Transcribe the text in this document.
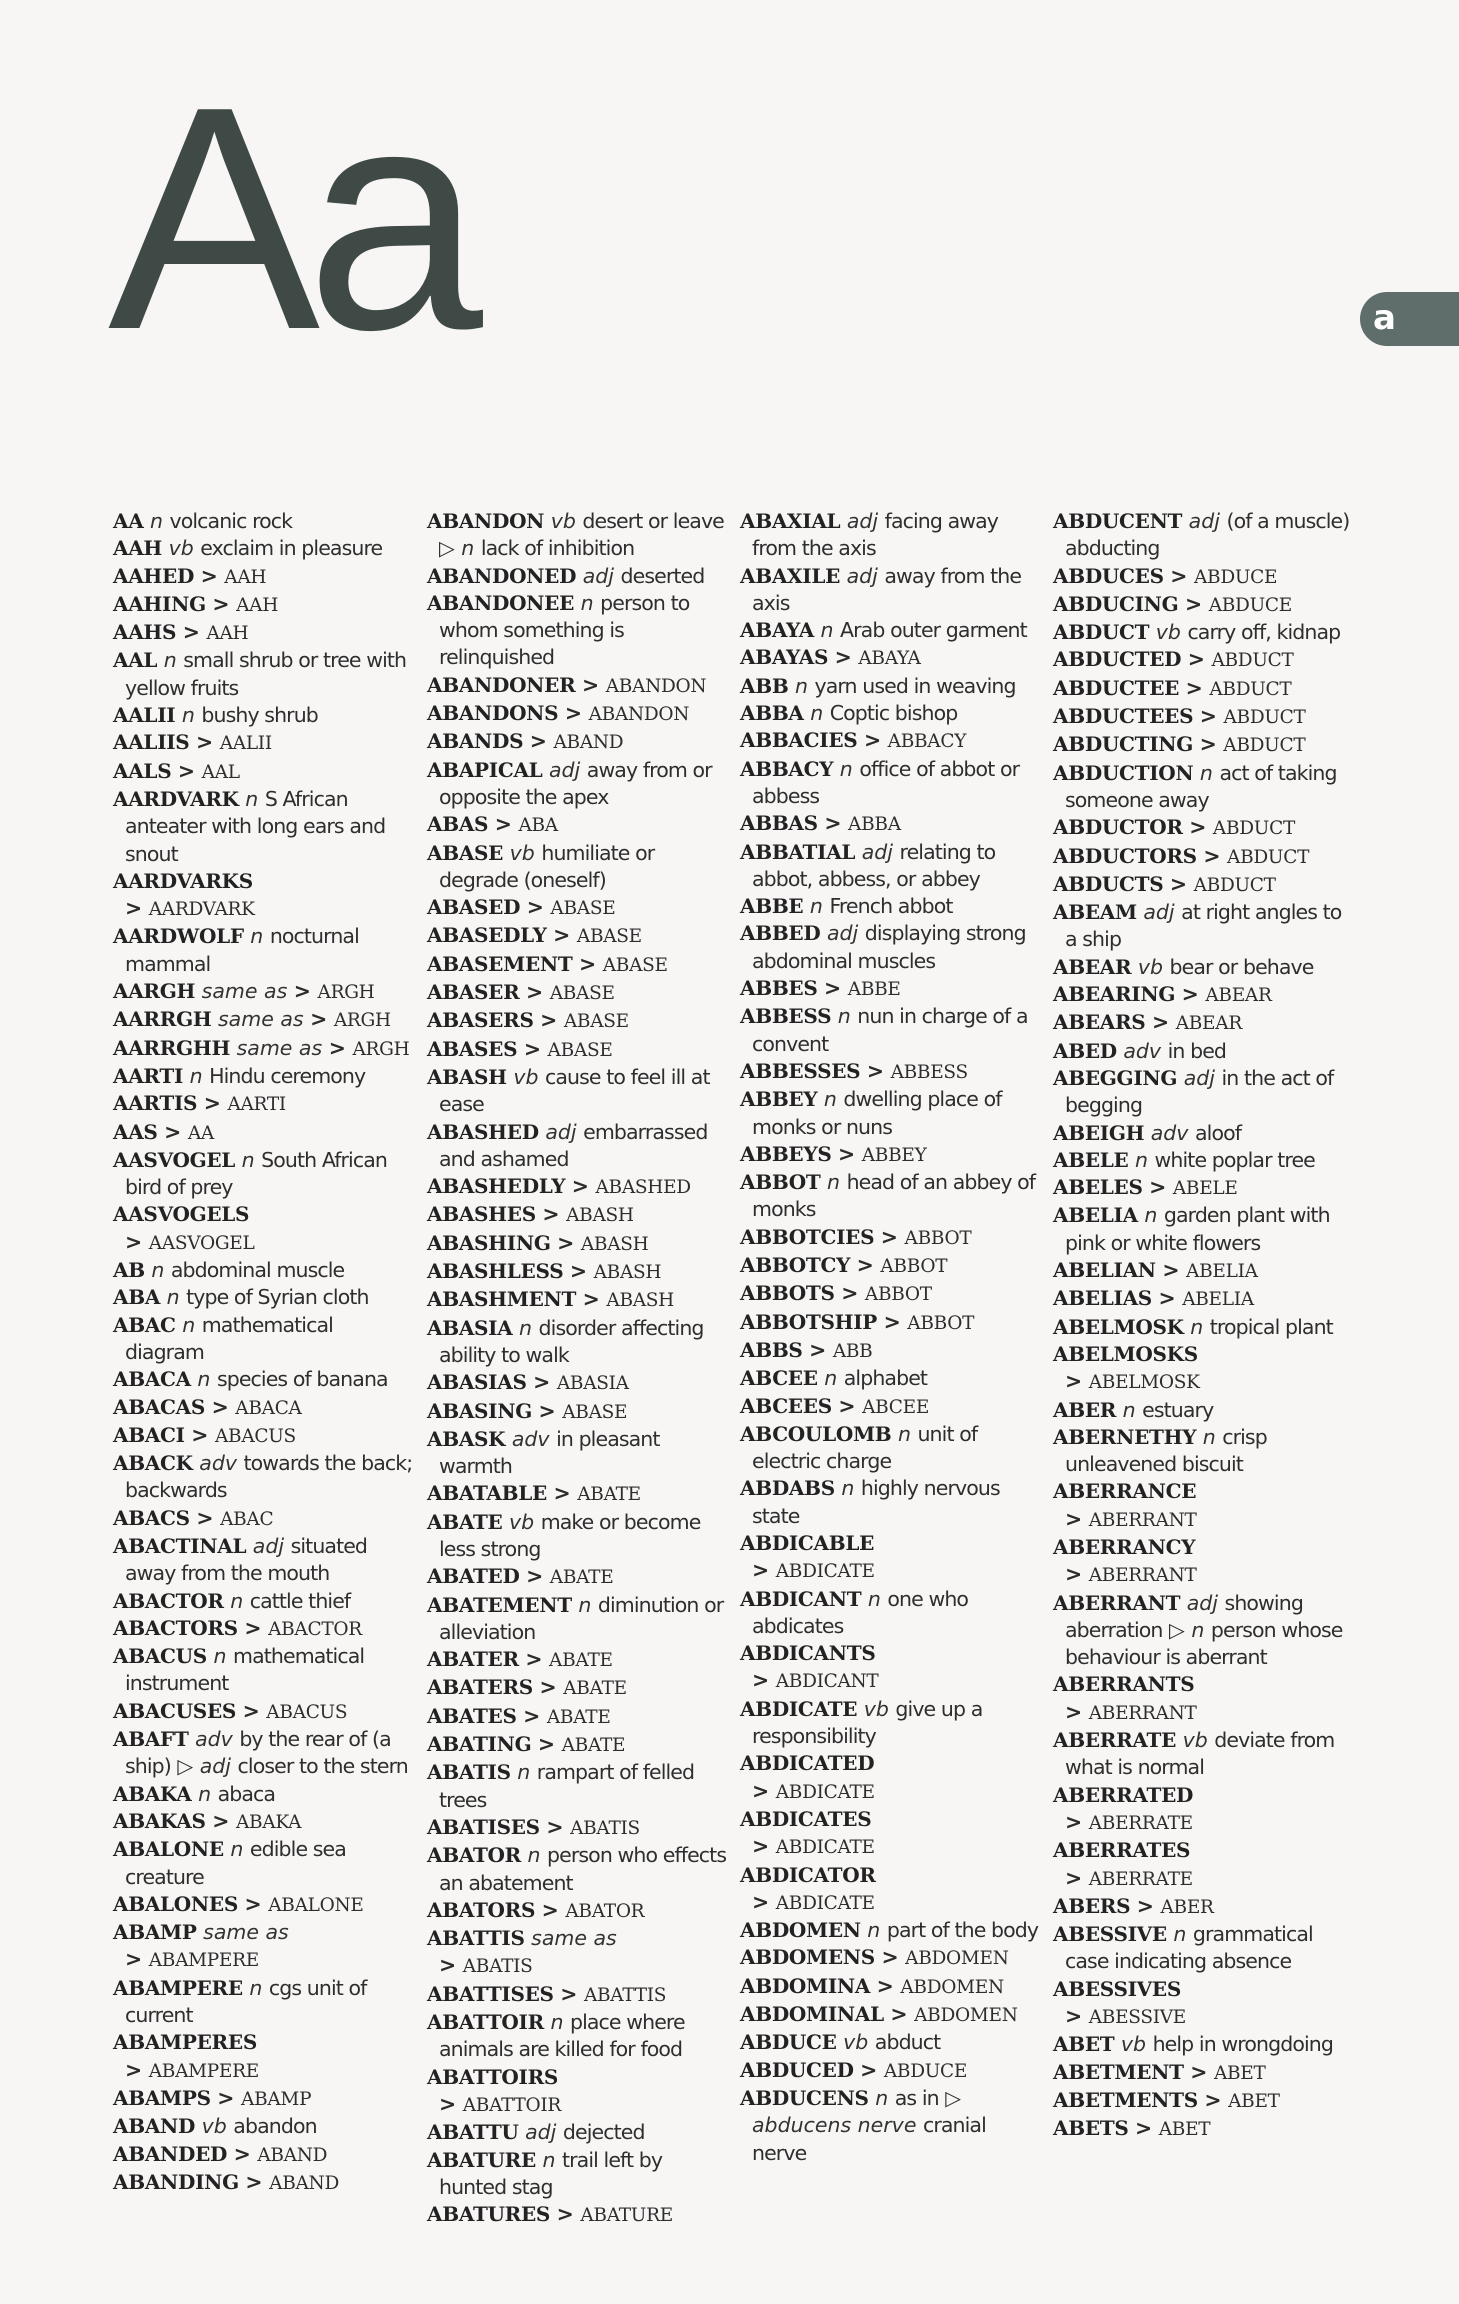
Aa	a

AA n volcanic rock

AAH vb exclaim in pleasure

AAHED > AAH

AAHING > AAH

AAHS > AAH

AAL n small shrub or tree with yellow fruits

AALII n bushy shrub

AALIIS > AALII

AALS > AAL

AARDVARK n S African anteater with long ears and snout

AARDVARKS
> AARDVARK

AARDWOLF n nocturnal mammal

AARGH same as > ARGH

AARRGH same as > ARGH

AARRGHH same as > ARGH

AARTI n Hindu ceremony

AARTIS > AARTI

AAS > AA

AASVOGEL n South African bird of prey

AASVOGELS
> AASVOGEL

AB n abdominal muscle

ABA n type of Syrian cloth

ABAC n mathematical diagram

ABACA n species of banana

ABACAS > ABACA

ABACI > ABACUS

ABACK adv towards the back; backwards

ABACS > ABAC

ABACTINAL adj situated away from the mouth

ABACTOR n cattle thief

ABACTORS > ABACTOR

ABACUS n mathematical instrument

ABACUSES > ABACUS

ABAFT adv by the rear of (a ship) ▷ adj closer to the stern

ABAKA n abaca

ABAKAS > ABAKA

ABALONE n edible sea creature

ABALONES > ABALONE

ABAMP same as
> ABAMPERE

ABAMPERE n cgs unit of current

ABAMPERES
> ABAMPERE

ABAMPS > ABAMP

ABAND vb abandon

ABANDED > ABAND

ABANDING > ABAND

ABANDON vb desert or leave ▷ n lack of inhibition

ABANDONED adj deserted

ABANDONEE n person to whom something is relinquished

ABANDONER > ABANDON

ABANDONS > ABANDON

ABANDS > ABAND

ABAPICAL adj away from or opposite the apex

ABAS > ABA

ABASE vb humiliate or degrade (oneself)

ABASED > ABASE

ABASEDLY > ABASE

ABASEMENT > ABASE

ABASER > ABASE

ABASERS > ABASE

ABASES > ABASE

ABASH vb cause to feel ill at ease

ABASHED adj embarrassed and ashamed

ABASHEDLY > ABASHED

ABASHES > ABASH

ABASHING > ABASH

ABASHLESS > ABASH

ABASHMENT > ABASH

ABASIA n disorder affecting ability to walk

ABASIAS > ABASIA

ABASING > ABASE

ABASK adv in pleasant warmth

ABATABLE > ABATE

ABATE vb make or become less strong

ABATED > ABATE

ABATEMENT n diminution or alleviation

ABATER > ABATE

ABATERS > ABATE

ABATES > ABATE

ABATING > ABATE

ABATIS n rampart of felled trees

ABATISES > ABATIS

ABATOR n person who effects an abatement

ABATORS > ABATOR

ABATTIS same as
> ABATIS

ABATTISES > ABATTIS

ABATTOIR n place where animals are killed for food

ABATTOIRS
> ABATTOIR

ABATTU adj dejected

ABATURE n trail left by hunted stag

ABATURES > ABATURE

ABAXIAL adj facing away from the axis

ABAXILE adj away from the axis

ABAYA n Arab outer garment

ABAYAS > ABAYA

ABB n yarn used in weaving

ABBA n Coptic bishop

ABBACIES > ABBACY

ABBACY n office of abbot or abbess

ABBAS > ABBA

ABBATIAL adj relating to abbot, abbess, or abbey

ABBE n French abbot

ABBED adj displaying strong abdominal muscles

ABBES > ABBE

ABBESS n nun in charge of a convent

ABBESSES > ABBESS

ABBEY n dwelling place of monks or nuns

ABBEYS > ABBEY

ABBOT n head of an abbey of monks

ABBOTCIES > ABBOT

ABBOTCY > ABBOT

ABBOTS > ABBOT

ABBOTSHIP > ABBOT

ABBS > ABB

ABCEE n alphabet

ABCEES > ABCEE

ABCOULOMB n unit of electric charge

ABDABS n highly nervous state

ABDICABLE
> ABDICATE

ABDICANT n one who abdicates

ABDICANTS
> ABDICANT

ABDICATE vb give up a responsibility

ABDICATED
> ABDICATE

ABDICATES
> ABDICATE

ABDICATOR
> ABDICATE

ABDOMEN n part of the body

ABDOMENS > ABDOMEN

ABDOMINA > ABDOMEN

ABDOMINAL > ABDOMEN

ABDUCE vb abduct

ABDUCED > ABDUCE

ABDUCENS n as in ▷ abducens nerve cranial nerve

ABDUCENT adj (of a muscle) abducting

ABDUCES > ABDUCE

ABDUCING > ABDUCE

ABDUCT vb carry off, kidnap

ABDUCTED > ABDUCT

ABDUCTEE > ABDUCT

ABDUCTEES > ABDUCT

ABDUCTING > ABDUCT

ABDUCTION n act of taking someone away

ABDUCTOR > ABDUCT

ABDUCTORS > ABDUCT

ABDUCTS > ABDUCT

ABEAM adj at right angles to a ship

ABEAR vb bear or behave

ABEARING > ABEAR

ABEARS > ABEAR

ABED adv in bed

ABEGGING adj in the act of begging

ABEIGH adv aloof

ABELE n white poplar tree

ABELES > ABELE

ABELIA n garden plant with pink or white flowers

ABELIAN > ABELIA

ABELIAS > ABELIA

ABELMOSK n tropical plant

ABELMOSKS
> ABELMOSK

ABER n estuary

ABERNETHY n crisp unleavened biscuit

ABERRANCE
> ABERRANT

ABERRANCY
> ABERRANT

ABERRANT adj showing aberration ▷ n person whose behaviour is aberrant

ABERRANTS
> ABERRANT

ABERRATE vb deviate from what is normal

ABERRATED
> ABERRATE

ABERRATES
> ABERRATE

ABERS > ABER

ABESSIVE n grammatical case indicating absence

ABESSIVES
> ABESSIVE

ABET vb help in wrongdoing

ABETMENT > ABET

ABETMENTS > ABET

ABETS > ABET
